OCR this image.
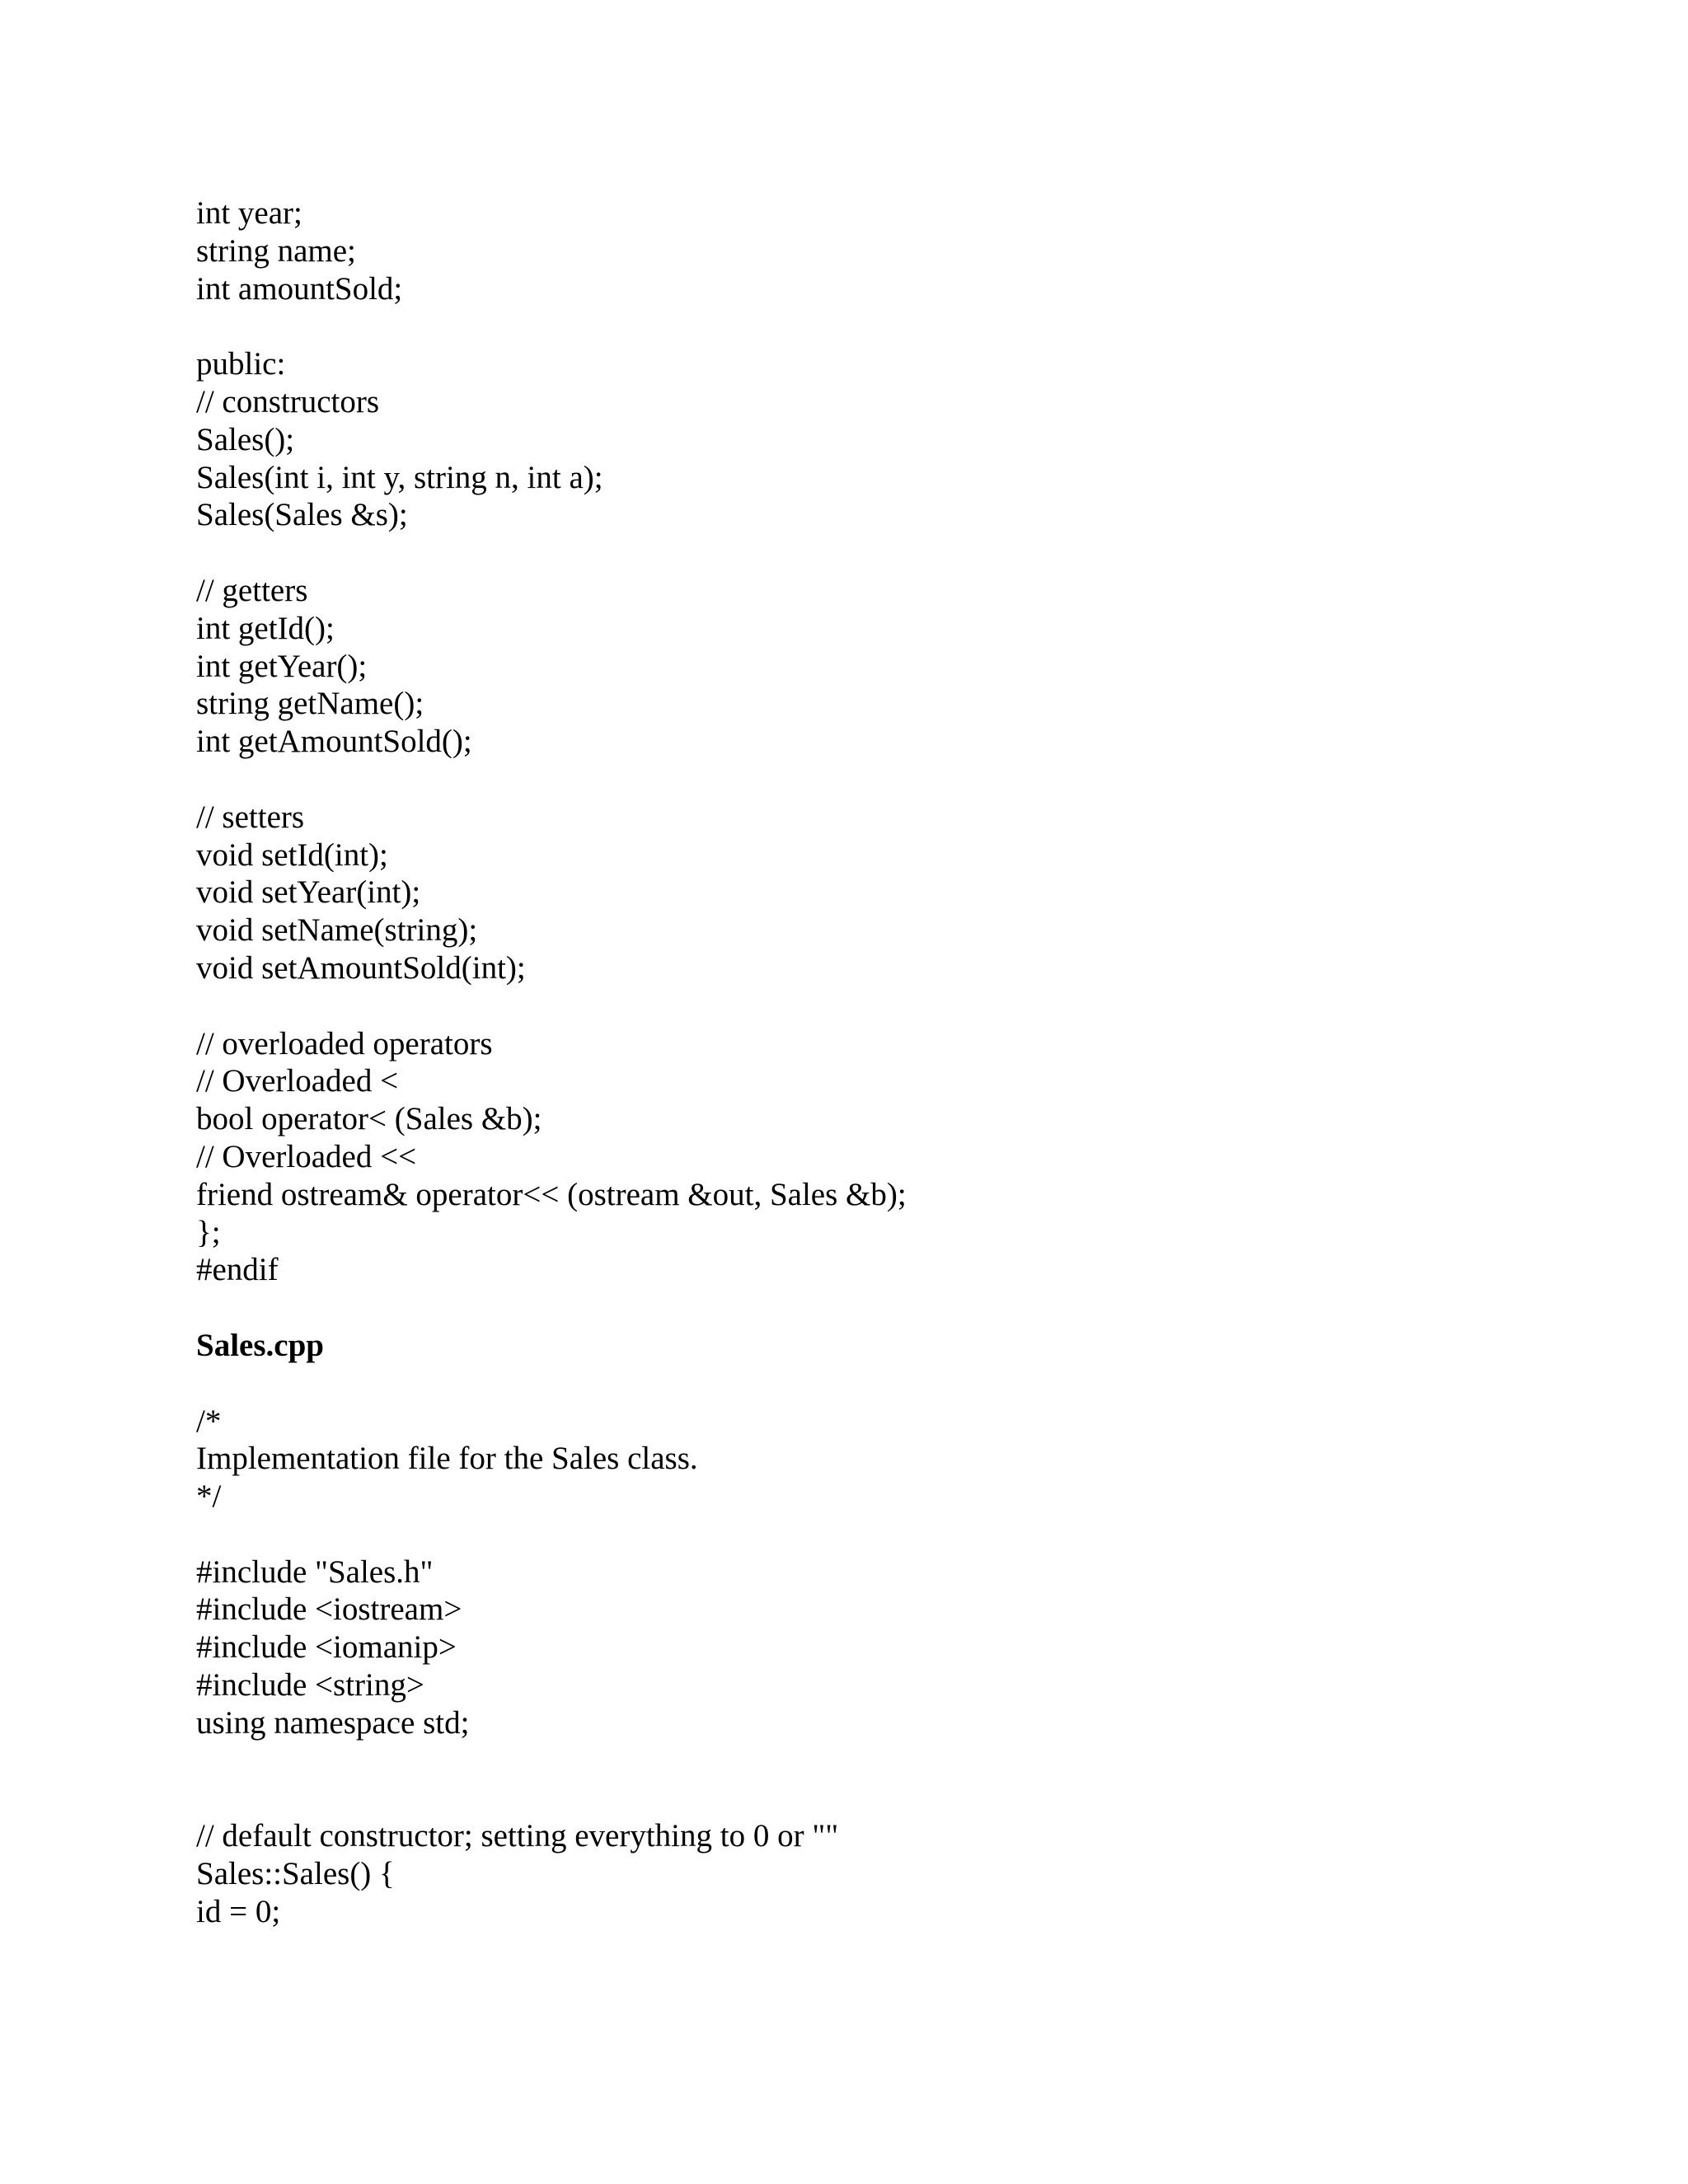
int year;
string name;
int amountSold;
public:
// constructors
Sales();
Sales(int i, int y, string n, int a);
Sales(Sales &s);
// getters
int getId();
int getYear();
string getName();
int getAmountSold();
// setters
void setId(int);
void setYear(int);
void setName(string);
void setAmountSold(int);
// overloaded operators
// Overloaded <
bool operator< (Sales &b);
// Overloaded <<
friend ostream& operator<< (ostream &out, Sales &b);
};
#endif
Sales.cpp
/*
Implementation file for the Sales class.
*/
#include "Sales.h"
#include <iostream>
#include <iomanip>
#include <string>
using namespace std;
// default constructor; setting everything to 0 or ""
Sales::Sales() {
id = 0;
